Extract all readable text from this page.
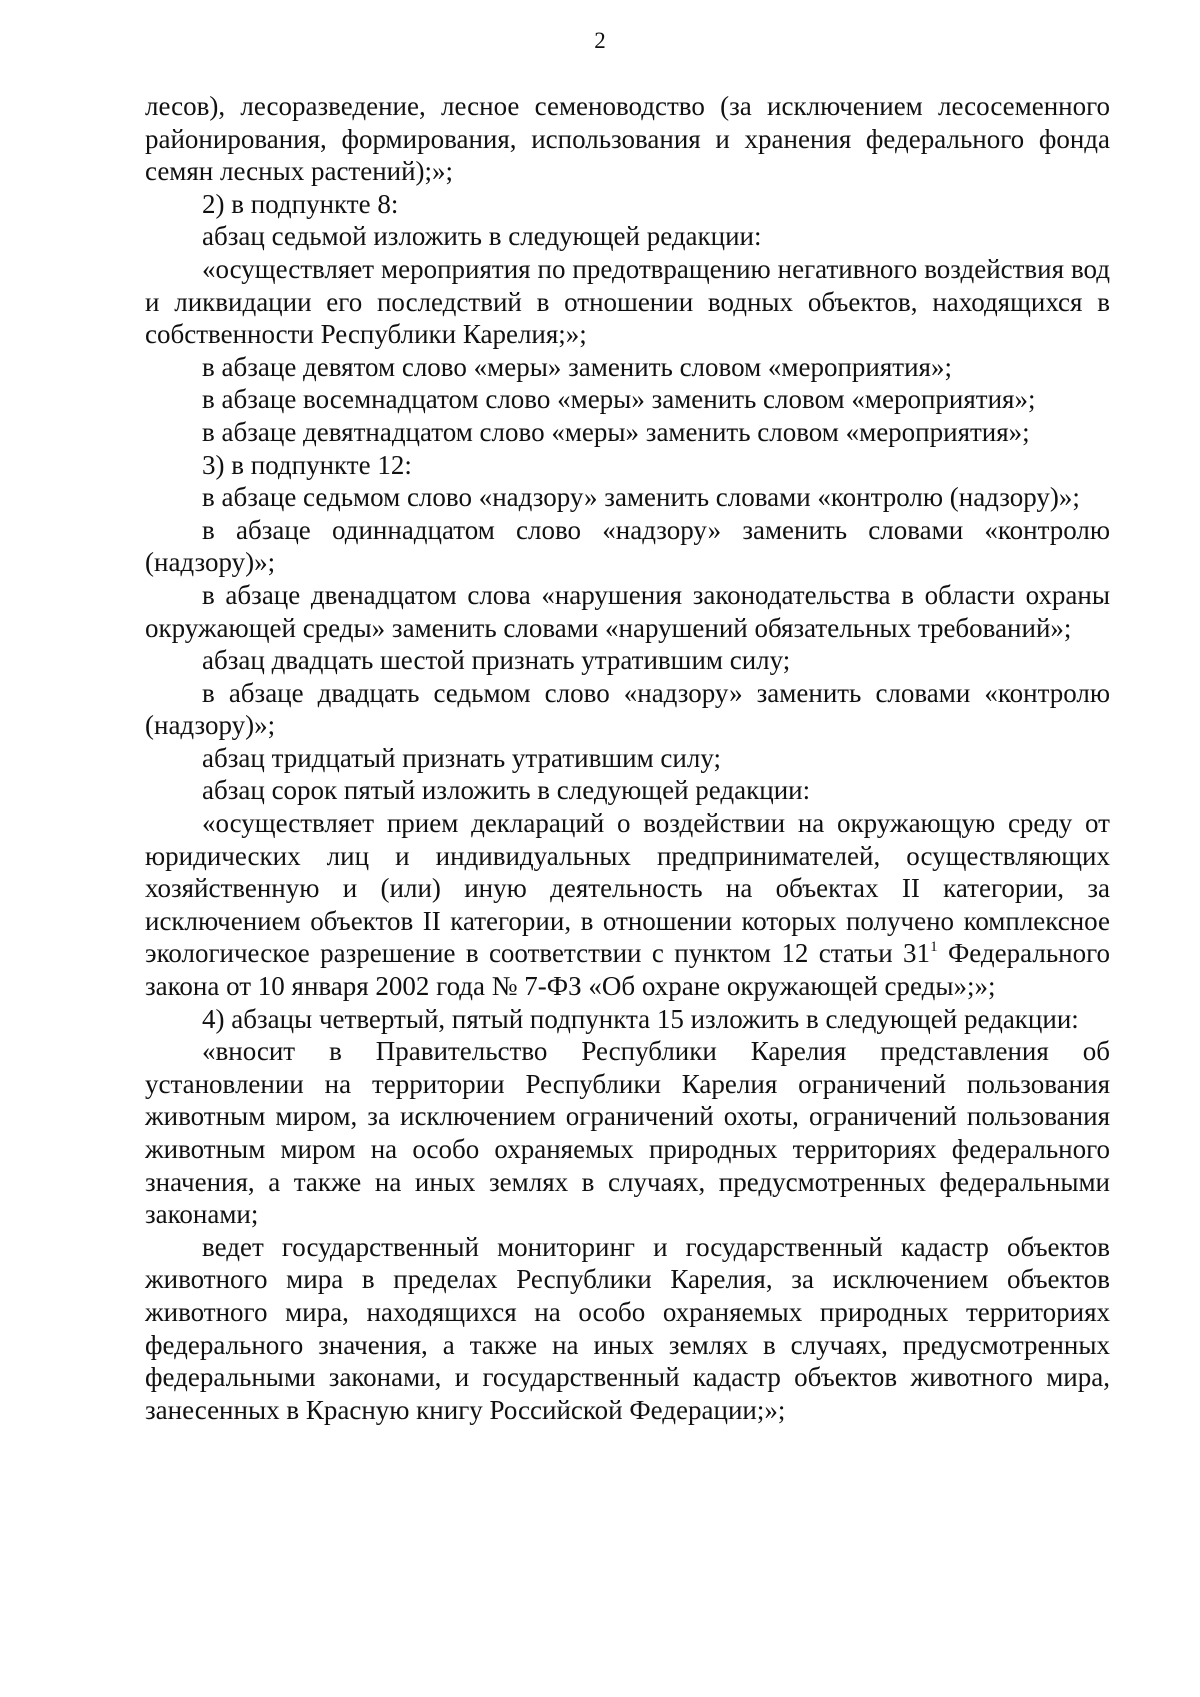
2

лесов), лесоразведение, лесное семеноводство (за исключением лесосеменного районирования, формирования, использования и хранения федерального фонда семян лесных растений);»;

2) в подпункте 8:

абзац седьмой изложить в следующей редакции:

«осуществляет мероприятия по предотвращению негативного воздействия вод и ликвидации его последствий в отношении водных объектов, находящихся в собственности Республики Карелия;»;

в абзаце девятом слово «меры» заменить словом «мероприятия»;

в абзаце восемнадцатом слово «меры» заменить словом «мероприятия»;

в абзаце девятнадцатом слово «меры» заменить словом «мероприятия»;

3) в подпункте 12:

в абзаце седьмом слово «надзору» заменить словами «контролю (надзору)»;

в абзаце одиннадцатом слово «надзору» заменить словами «контролю (надзору)»;

в абзаце двенадцатом слова «нарушения законодательства в области охраны окружающей среды» заменить словами «нарушений обязательных требований»;

абзац двадцать шестой признать утратившим силу;

в абзаце двадцать седьмом слово «надзору» заменить словами «контролю (надзору)»;

абзац тридцатый признать утратившим силу;

абзац сорок пятый изложить в следующей редакции:

«осуществляет прием деклараций о воздействии на окружающую среду от юридических лиц и индивидуальных предпринимателей, осуществляющих хозяйственную и (или) иную деятельность на объектах II категории, за исключением объектов II категории, в отношении которых получено комплексное экологическое разрешение в соответствии с пунктом 12 статьи $31^1$ Федерального закона от 10 января 2002 года № 7-ФЗ «Об охране окружающей среды»;»;

4) абзацы четвертый, пятый подпункта 15 изложить в следующей редакции:

«вносит в Правительство Республики Карелия представления об установлении на территории Республики Карелия ограничений пользования животным миром, за исключением ограничений охоты, ограничений пользования животным миром на особо охраняемых природных территориях федерального значения, а также на иных землях в случаях, предусмотренных федеральными законами;

ведет государственный мониторинг и государственный кадастр объектов животного мира в пределах Республики Карелия, за исключением объектов животного мира, находящихся на особо охраняемых природных территориях федерального значения, а также на иных землях в случаях, предусмотренных федеральными законами, и государственный кадастр объектов животного мира, занесенных в Красную книгу Российской Федерации;»;
